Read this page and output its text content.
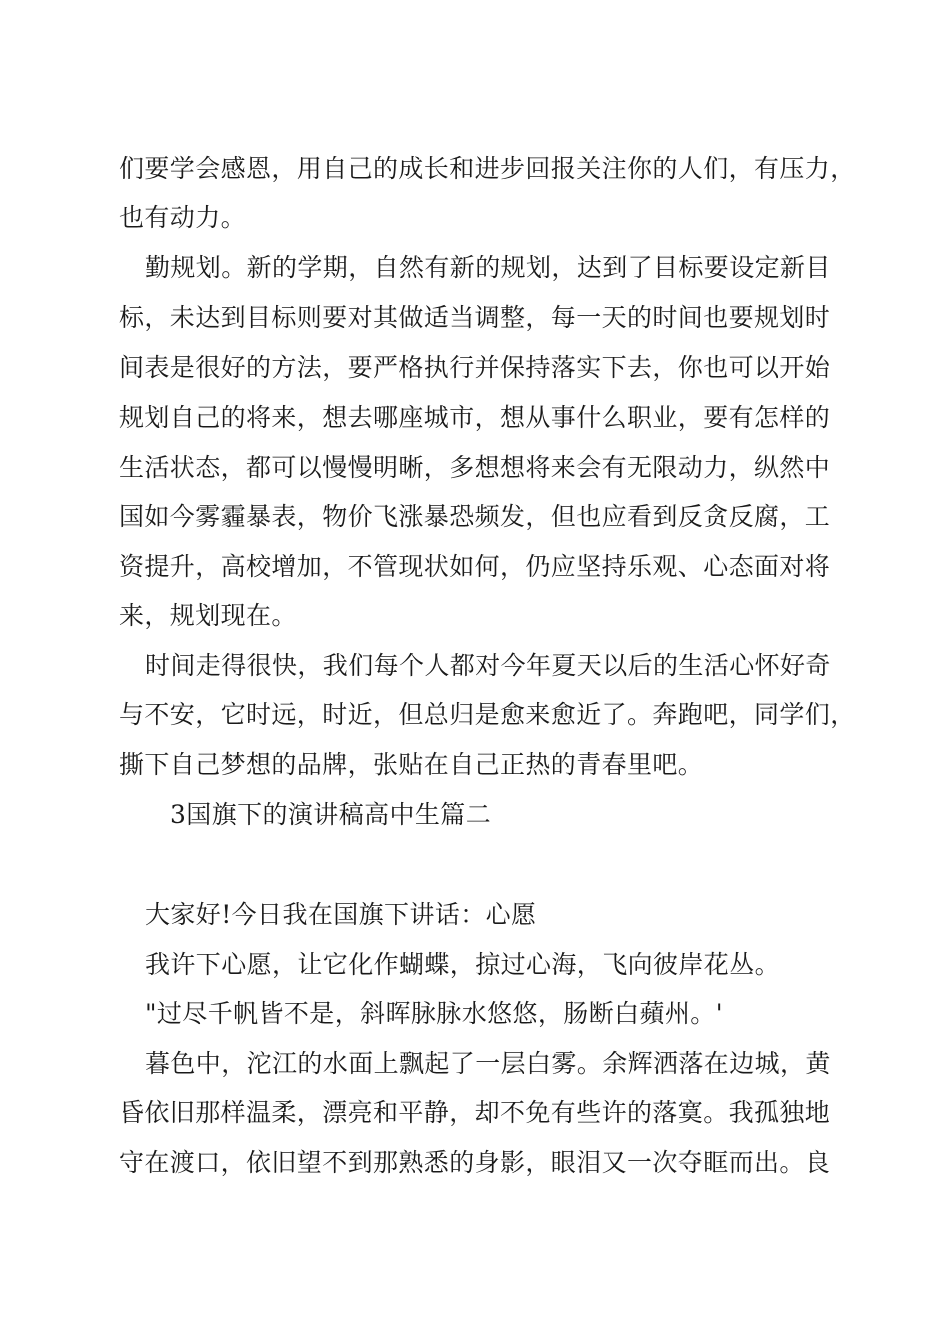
们要学会感恩，用自己的成长和进步回报关注你的人们，有压力，
也有动力。
勤规划。新的学期，自然有新的规划，达到了目标要设定新目
标，未达到目标则要对其做适当调整，每一天的时间也要规划时
间表是很好的方法，要严格执行并保持落实下去，你也可以开始
规划自己的将来，想去哪座城市，想从事什么职业，要有怎样的
生活状态，都可以慢慢明晰，多想想将来会有无限动力，纵然中
国如今雾霾暴表，物价飞涨暴恐频发，但也应看到反贪反腐，工
资提升，高校增加，不管现状如何，仍应坚持乐观、心态面对将
来，规划现在。
时间走得很快，我们每个人都对今年夏天以后的生活心怀好奇
与不安，它时远，时近，但总归是愈来愈近了。奔跑吧，同学们，
撕下自己梦想的品牌，张贴在自己正热的青春里吧。
3国旗下的演讲稿高中生篇二
大家好!今日我在国旗下讲话：心愿
我许下心愿，让它化作蝴蝶，掠过心海，飞向彼岸花丛。
"过尽千帆皆不是，斜晖脉脉水悠悠，肠断白蘋州。'
暮色中，沱江的水面上飘起了一层白雾。余辉洒落在边城，黄
昏依旧那样温柔，漂亮和平静，却不免有些许的落寞。我孤独地
守在渡口，依旧望不到那熟悉的身影，眼泪又一次夺眶而出。良
